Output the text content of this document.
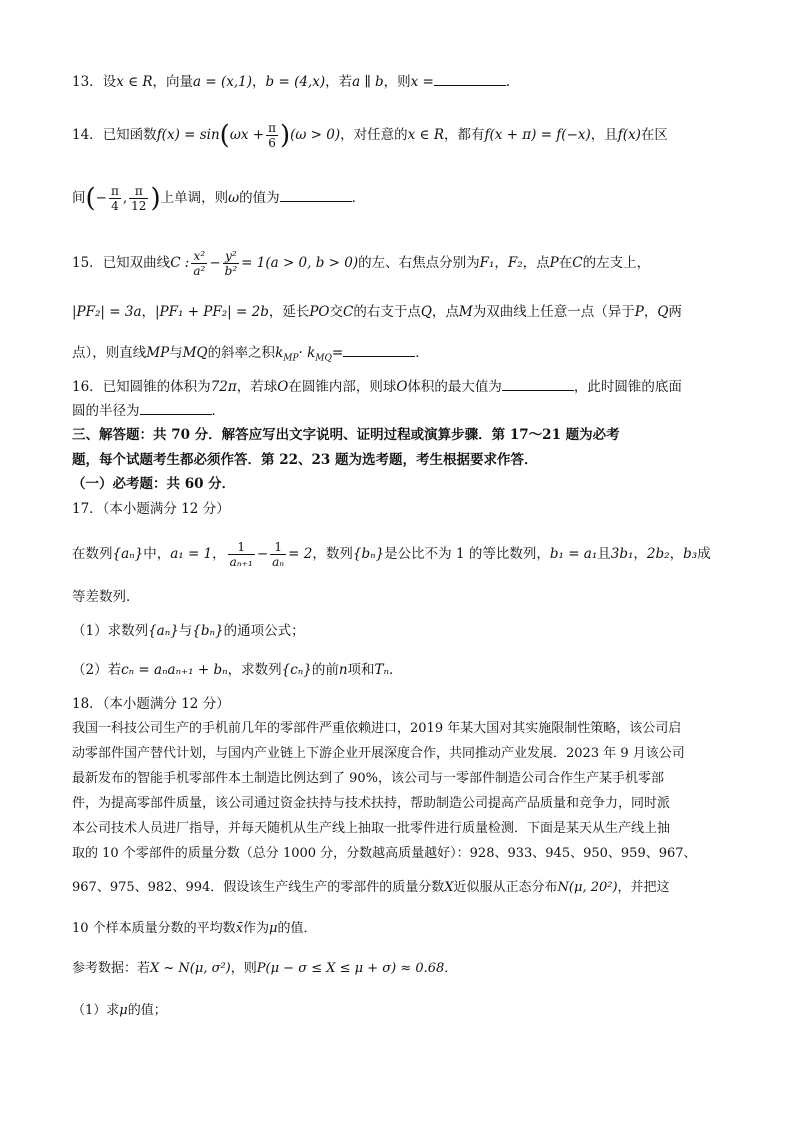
13．设x ∈ R，向量a = (x,1)，b = (4,x)，若a ∥ b，则x =	．
14．已知函数$f(x) = \sin(\omega x + \frac{\pi}{6} )(\omega > 0)$，对任意的x ∈ R，都有f(x + π) = f(−x)，且f(x)在区
间(− $\frac{\pi}{4}$ , $\frac{\pi}{12}$ )上单调，则ω的值为	．
15．已知双曲线C : $\frac{\text{x²}}{\text{a²}} - \frac{\text{y²}}{\text{b²}} = 1(a > 0$, b > 0)的左、右焦点分别为F₁，F₂，点P在C的左支上，
|PF₂| = 3a，|PF₁ + PF₂| = 2b，延长PO交C的右支于点Q，点M为双曲线上任意一点（异于P，Q两
点），则直线MP与MQ的斜率之积$k_{MP}\cdot k_{MQ}=$	．
16．已知圆锥的体积为72π，若球O在圆锥内部，则球O体积的最大值为	，此时圆锥的底面
圆的半径为	．
三、解答题：共 70 分．解答应写出文字说明、证明过程或演算步骤．第 17～21 题为必考
题，每个试题考生都必须作答．第 22、23 题为选考题，考生根据要求作答．
（一）必考题：共 60 分．
17．（本小题满分 12 分）
在数列{aₙ}中，a₁ = 1， $\frac{1}{\text{aₙ₊₁}} - \frac{1}{\text{aₙ}} = 2$，数列{bₙ}是公比不为 1 的等比数列，b₁ = a₁且3b₁，2b₂，b₃成
等差数列．
（1）求数列{aₙ}与{bₙ}的通项公式；
（2）若cₙ = aₙaₙ₊₁ + bₙ，求数列{cₙ}的前n项和Tₙ．
18．（本小题满分 12 分）
我国一科技公司生产的手机前几年的零部件严重依赖进口，2019 年某大国对其实施限制性策略，该公司启
动零部件国产替代计划，与国内产业链上下游企业开展深度合作，共同推动产业发展．2023 年 9 月该公司
最新发布的智能手机零部件本土制造比例达到了 90%，该公司与一零部件制造公司合作生产某手机零部
件，为提高零部件质量，该公司通过资金扶持与技术扶持，帮助制造公司提高产品质量和竞争力，同时派
本公司技术人员进厂指导，并每天随机从生产线上抽取一批零件进行质量检测．下面是某天从生产线上抽
取的 10 个零部件的质量分数（总分 1000 分，分数越高质量越好）：928、933、945、950、959、967、
967、975、982、994．假设该生产线生产的零部件的质量分数X近似服从正态分布N(μ, 20²)，并把这
10 个样本质量分数的平均数x̄作为μ的值．
参考数据：若X ~ N(μ, σ²)，则P(μ − σ ≤ X ≤ μ + σ) ≈ 0.68．
（1）求μ的值；
